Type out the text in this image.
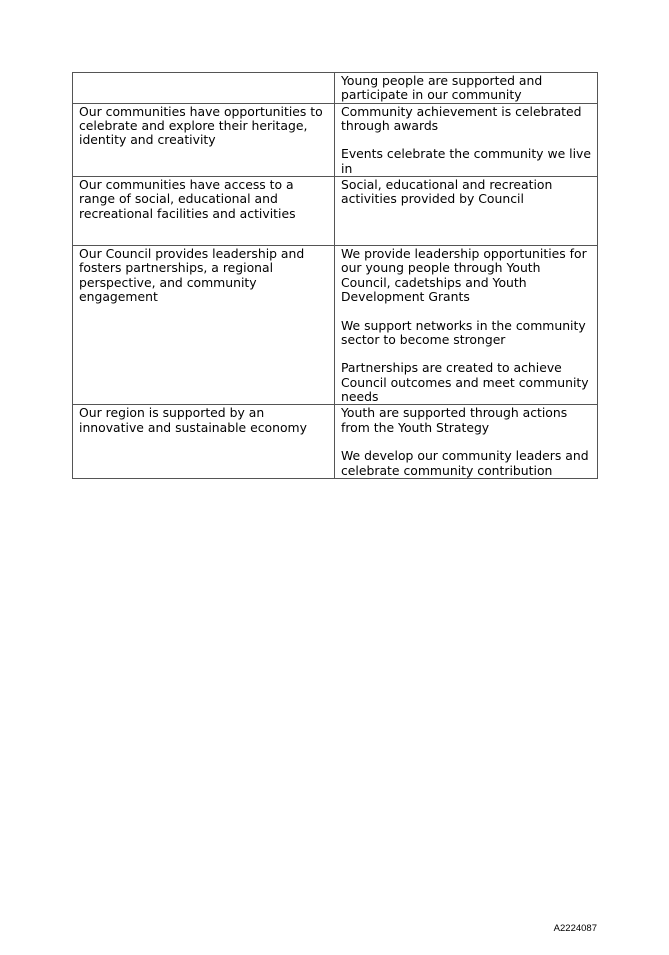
	Young people are supported and participate in our community

Our communities have opportunities to celebrate and explore their heritage, identity and creativity	Community achievement is celebrated through awards

Events celebrate the community we live in

Our communities have access to a range of social, educational and recreational facilities and activities	Social, educational and recreation activities provided by Council

Our Council provides leadership and fosters partnerships, a regional perspective, and community engagement	We provide leadership opportunities for our young people through Youth Council, cadetships and Youth Development Grants

We support networks in the community sector to become stronger

Partnerships are created to achieve Council outcomes and meet community needs

Our region is supported by an innovative and sustainable economy	Youth are supported through actions from the Youth Strategy

We develop our community leaders and celebrate community contribution

A2224087
